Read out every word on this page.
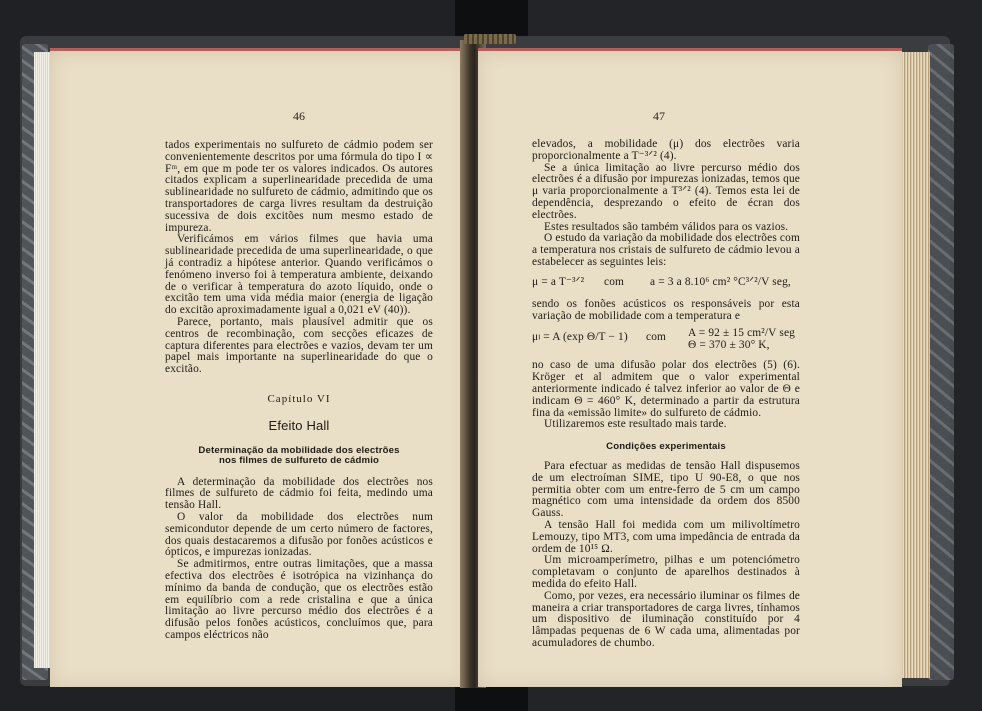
46

tados experimentais no sulfureto de cádmio podem ser convenientemente descritos por uma fórmula do tipo I ∝ Fᵐ, em que m pode ter os valores indicados. Os autores citados explicam a superlinearidade precedida de uma sublinearidade no sulfureto de cádmio, admitindo que os transportadores de carga livres resultam da destruição sucessiva de dois excitões num mesmo estado de impureza.

Verificámos em vários filmes que havia uma sublinearidade precedida de uma superlinearidade, o que já contradiz a hipótese anterior. Quando verificámos o fenómeno inverso foi à temperatura ambiente, deixando de o verificar à temperatura do azoto líquido, onde o excitão tem uma vida média maior (energia de ligação do excitão aproximadamente igual a 0,021 eV (40)).

Parece, portanto, mais plausível admitir que os centros de recombinação, com secções eficazes de captura diferentes para electrões e vazios, devam ter um papel mais importante na superlinearidade do que o excitão.

Capítulo VI

Efeito Hall

Determinação da mobilidade dos electrões

nos filmes de sulfureto de cádmio

A determinação da mobilidade dos electrões nos filmes de sulfureto de cádmio foi feita, medindo uma tensão Hall.

O valor da mobilidade dos electrões num semicondutor depende de um certo número de factores, dos quais destacaremos a difusão por fonões acústicos e ópticos, e impurezas ionizadas.

Se admitirmos, entre outras limitações, que a massa efectiva dos electrões é isotrópica na vizinhança do mínimo da banda de condução, que os electrões estão em equilíbrio com a rede cristalina e que a única limitação ao livre percurso médio dos electrões é a difusão pelos fonões acústicos, concluímos que, para campos eléctricos não

47

elevados, a mobilidade (μ) dos electrões varia proporcionalmente a T⁻³ᐟ² (4).

Se a única limitação ao livre percurso médio dos electrões é a difusão por impurezas ionizadas, temos que μ varia proporcionalmente a T³ᐟ² (4). Temos esta lei de dependência, desprezando o efeito de écran dos electrões.

Estes resultados são também válidos para os vazios.

O estudo da variação da mobilidade dos electrões com a temperatura nos cristais de sulfureto de cádmio levou a estabelecer as seguintes leis:

μ = a T⁻³ᐟ² com a = 3 a 8.10⁶ cm² °C³ᐟ²/V seg,

sendo os fonões acústicos os responsáveis por esta variação de mobilidade com a temperatura e

μₗ = A (exp Θ/T − 1) com A = 92 ± 15 cm²/V seg
Θ = 370 ± 30° K,

no caso de uma difusão polar dos electrões (5) (6). Kröger et al admitem que o valor experimental anteriormente indicado é talvez inferior ao valor de Θ e indicam Θ = 460° K, determinado a partir da estrutura fina da «emissão limite» do sulfureto de cádmio.

Utilizaremos este resultado mais tarde.

Condições experimentais

Para efectuar as medidas de tensão Hall dispusemos de um electroíman SIME, tipo U 90-E8, o que nos permitia obter com um entre-ferro de 5 cm um campo magnético com uma intensidade da ordem dos 8500 Gauss.

A tensão Hall foi medida com um milivoltímetro Lemouzy, tipo MT3, com uma impedância de entrada da ordem de 10¹⁵ Ω.

Um microamperímetro, pilhas e um potenciómetro completavam o conjunto de aparelhos destinados à medida do efeito Hall.

Como, por vezes, era necessário iluminar os filmes de maneira a criar transportadores de carga livres, tínhamos um dispositivo de iluminação constituído por 4 lâmpadas pequenas de 6 W cada uma, alimentadas por acumuladores de chumbo.
